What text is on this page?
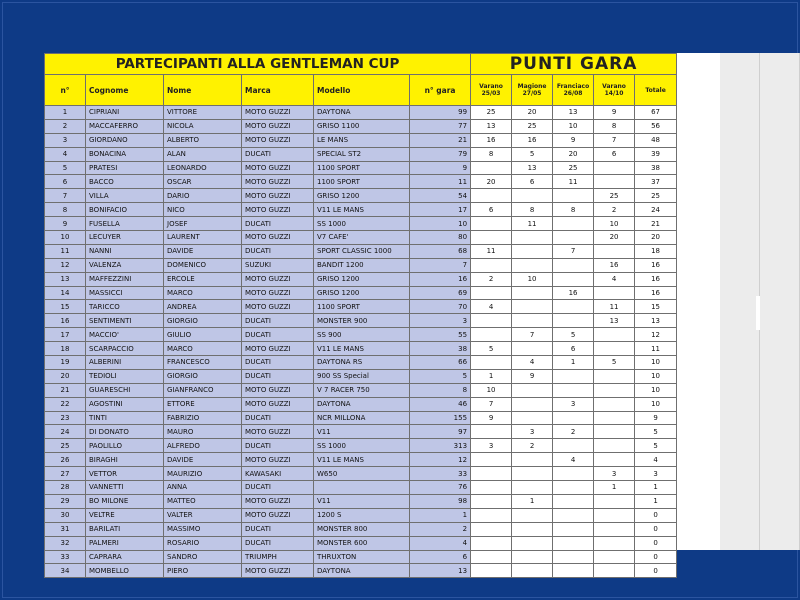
PARTECIPANTI ALLA GENTLEMAN CUP						PUNTI GARA				
n°	Cognome	Nome	Marca	Modello	n° gara	Varano 25/03	Magione 27/05	Franciaco 26/08	Varano 14/10	Totale
1	CIPRIANI	VITTORE	MOTO GUZZI	DAYTONA	99	25	20	13	9	67
2	MACCAFERRO	NICOLA	MOTO GUZZI	GRISO 1100	77	13	25	10	8	56
3	GIORDANO	ALBERTO	MOTO GUZZI	LE MANS	21	16	16	9	7	48
4	BONACINA	ALAN	DUCATI	SPECIAL ST2	79	8	5	20	6	39
5	PRATESI	LEONARDO	MOTO GUZZI	1100 SPORT	9		13	25		38
6	BACCO	OSCAR	MOTO GUZZI	1100 SPORT	11	20	6	11		37
7	VILLA	DARIO	MOTO GUZZI	GRISO 1200	54				25	25
8	BONIFACIO	NICO	MOTO GUZZI	V11 LE MANS	17	6	8	8	2	24
9	FUSELLA	JOSEF	DUCATI	SS 1000	10		11		10	21
10	LECUYER	LAURENT	MOTO GUZZI	V7 CAFE'	80				20	20
11	NANNI	DAVIDE	DUCATI	SPORT CLASSIC 1000	68	11		7		18
12	VALENZA	DOMENICO	SUZUKI	BANDIT 1200	7				16	16
13	MAFFEZZINI	ERCOLE	MOTO GUZZI	GRISO 1200	16	2	10		4	16
14	MASSICCI	MARCO	MOTO GUZZI	GRISO 1200	69			16		16
15	TARICCO	ANDREA	MOTO GUZZI	1100 SPORT	70	4			11	15
16	SENTIMENTI	GIORGIO	DUCATI	MONSTER 900	3				13	13
17	MACCIO'	GIULIO	DUCATI	SS 900	55		7	5		12
18	SCARPACCIO	MARCO	MOTO GUZZI	V11 LE MANS	38	5		6		11
19	ALBERINI	FRANCESCO	DUCATI	DAYTONA RS	66		4	1	5	10
20	TEDIOLI	GIORGIO	DUCATI	900 SS Special	5	1	9			10
21	GUARESCHI	GIANFRANCO	MOTO GUZZI	V 7 RACER 750	8	10				10
22	AGOSTINI	ETTORE	MOTO GUZZI	DAYTONA	46	7		3		10
23	TINTI	FABRIZIO	DUCATI	NCR MILLONA	155	9				9
24	DI DONATO	MAURO	MOTO GUZZI	V11	97		3	2		5
25	PAOLILLO	ALFREDO	DUCATI	SS 1000	313	3	2			5
26	BIRAGHI	DAVIDE	MOTO GUZZI	V11 LE MANS	12			4		4
27	VETTOR	MAURIZIO	KAWASAKI	W650	33				3	3
28	VANNETTI	ANNA	DUCATI		76				1	1
29	BO MILONE	MATTEO	MOTO GUZZI	V11	98		1			1
30	VELTRE	VALTER	MOTO GUZZI	1200 S	1					0
31	BARILATI	MASSIMO	DUCATI	MONSTER 800	2					0
32	PALMERI	ROSARIO	DUCATI	MONSTER 600	4					0
33	CAPRARA	SANDRO	TRIUMPH	THRUXTON	6					0
34	MOMBELLO	PIERO	MOTO GUZZI	DAYTONA	13					0
